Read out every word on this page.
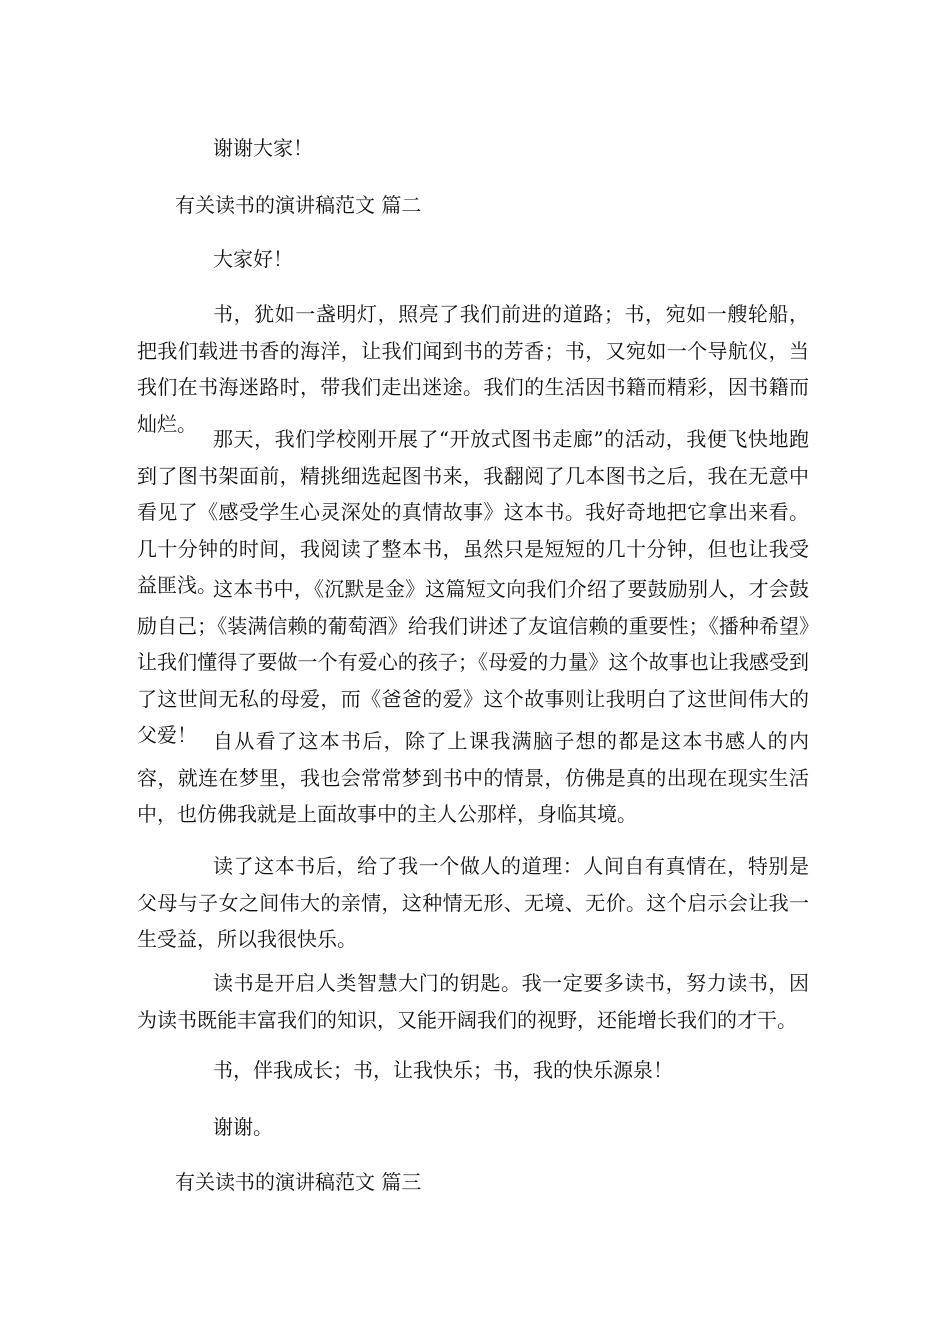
谢谢大家！

有关读书的演讲稿范文 篇二

大家好！

书，犹如一盏明灯，照亮了我们前进的道路；书，宛如一艘轮船，把我们载进书香的海洋，让我们闻到书的芳香；书，又宛如一个导航仪，当我们在书海迷路时，带我们走出迷途。我们的生活因书籍而精彩，因书籍而灿烂。

那天，我们学校刚开展了“开放式图书走廊”的活动，我便飞快地跑到了图书架面前，精挑细选起图书来，我翻阅了几本图书之后，我在无意中看见了《感受学生心灵深处的真情故事》这本书。我好奇地把它拿出来看。几十分钟的时间，我阅读了整本书，虽然只是短短的几十分钟，但也让我受益匪浅。

这本书中，《沉默是金》这篇短文向我们介绍了要鼓励别人，才会鼓励自己；《装满信赖的葡萄酒》给我们讲述了友谊信赖的重要性；《播种希望》让我们懂得了要做一个有爱心的孩子；《母爱的力量》这个故事也让我感受到了这世间无私的母爱，而《爸爸的爱》这个故事则让我明白了这世间伟大的父爱！ 自从看了这本书后，除了上课我满脑子想的都是这本书感人的内容，就连在梦里，我也会常常梦到书中的情景，仿佛是真的出现在现实生活中，也仿佛我就是上面故事中的主人公那样，身临其境。

读了这本书后，给了我一个做人的道理：人间自有真情在，特别是父母与子女之间伟大的亲情，这种情无形、无境、无价。这个启示会让我一生受益，所以我很快乐。

读书是开启人类智慧大门的钥匙。我一定要多读书，努力读书，因为读书既能丰富我们的知识，又能开阔我们的视野，还能增长我们的才干。

书，伴我成长；书，让我快乐；书，我的快乐源泉！

谢谢。

有关读书的演讲稿范文 篇三
